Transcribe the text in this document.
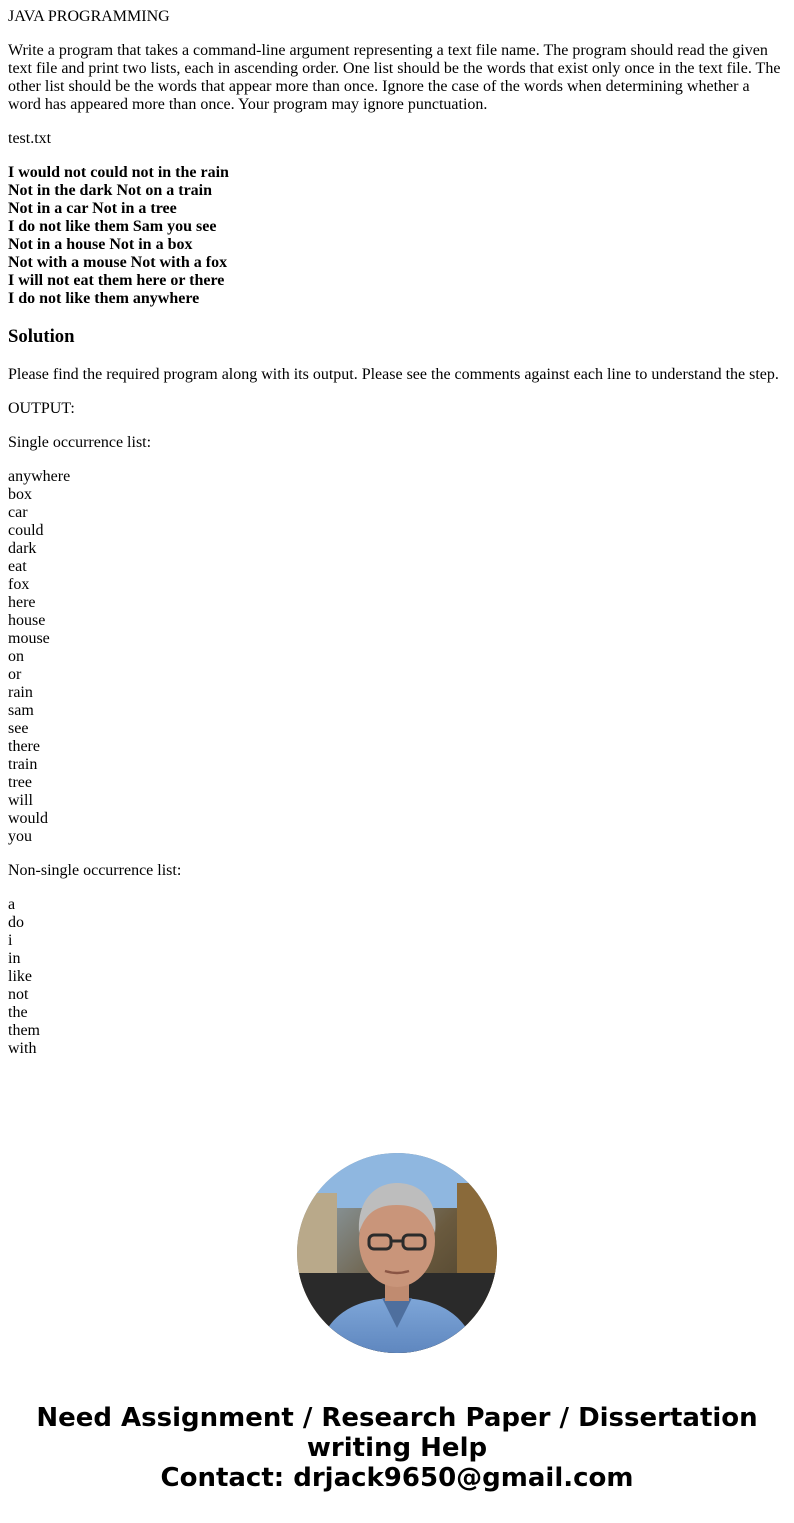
JAVA PROGRAMMING

Write a program that takes a command-line argument representing a text file name. The program should read the given text file and print two lists, each in ascending order. One list should be the words that exist only once in the text file. The other list should be the words that appear more than once. Ignore the case of the words when determining whether a word has appeared more than once. Your program may ignore punctuation.

test.txt

I would not could not in the rain
Not in the dark Not on a train
Not in a car Not in a tree
I do not like them Sam you see
Not in a house Not in a box
Not with a mouse Not with a fox
I will not eat them here or there
I do not like them anywhere
Solution

Please find the required program along with its output. Please see the comments against each line to understand the step.

OUTPUT:

Single occurrence list:

anywhere
box
car
could
dark
eat
fox
here
house
mouse
on
or
rain
sam
see
there
train
tree
will
would
you

Non-single occurrence list:

a
do
i
in
like
not
the
them
with
Need Assignment / Research Paper / Dissertation
writing Help
Contact: drjack9650@gmail.com
